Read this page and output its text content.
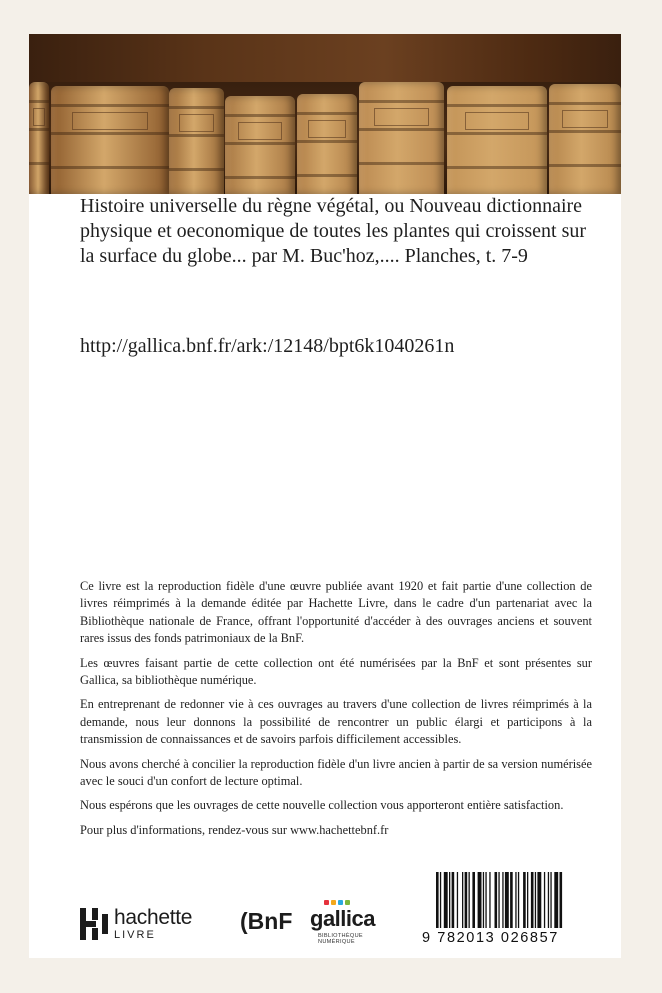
Histoire universelle du règne végétal, ou Nouveau dictionnaire physique et oeconomique de toutes les plantes qui croissent sur la surface du globe... par M. Buc'hoz,.... Planches, t. 7-9

http://gallica.bnf.fr/ark:/12148/bpt6k1040261n

Ce livre est la reproduction fidèle d'une œuvre publiée avant 1920 et fait partie d'une collection de livres réimprimés à la demande éditée par Hachette Livre, dans le cadre d'un partenariat avec la Bibliothèque nationale de France, offrant l'opportunité d'accéder à des ouvrages anciens et souvent rares issus des fonds patrimoniaux de la BnF.

Les œuvres faisant partie de cette collection ont été numérisées par la BnF et sont présentes sur Gallica, sa bibliothèque numérique.

En entreprenant de redonner vie à ces ouvrages au travers d'une collection de livres réimprimés à la demande, nous leur donnons la possibilité de rencontrer un public élargi et participons à la transmission de connaissances et de savoirs parfois difficilement accessibles.

Nous avons cherché à concilier la reproduction fidèle d'un livre ancien à partir de sa version numérisée avec le souci d'un confort de lecture optimal.

Nous espérons que les ouvrages de cette nouvelle collection vous apporteront entière satisfaction.

Pour plus d'informations, rendez-vous sur www.hachettebnf.fr

hachette
LIVRE
(BnF gallica
BIBLIOTHÈQUE
NUMÉRIQUE	9 782013 026857
